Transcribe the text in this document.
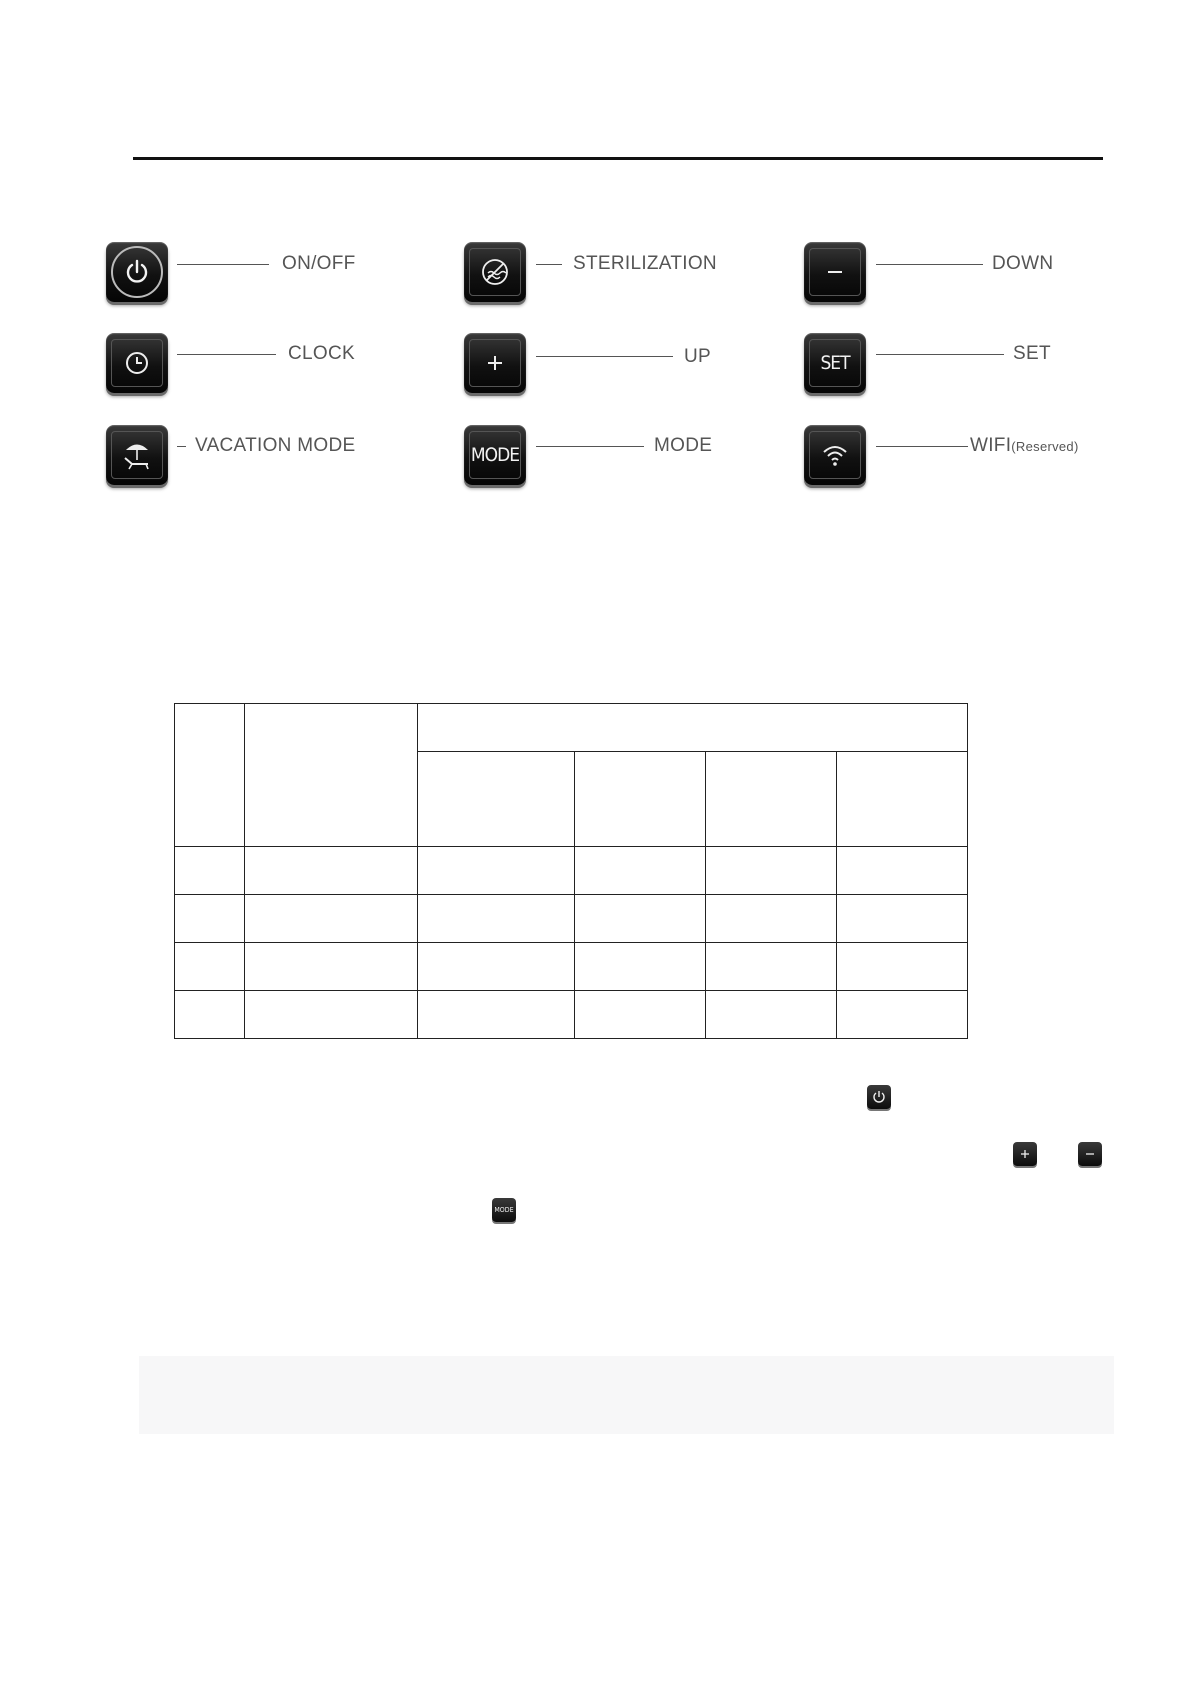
ON/OFF	STERILIZATION	DOWN
CLOCK	UP	SET	SET
VACATION MODE	MODE	MODE	WIFI(Reserved)

MODE
